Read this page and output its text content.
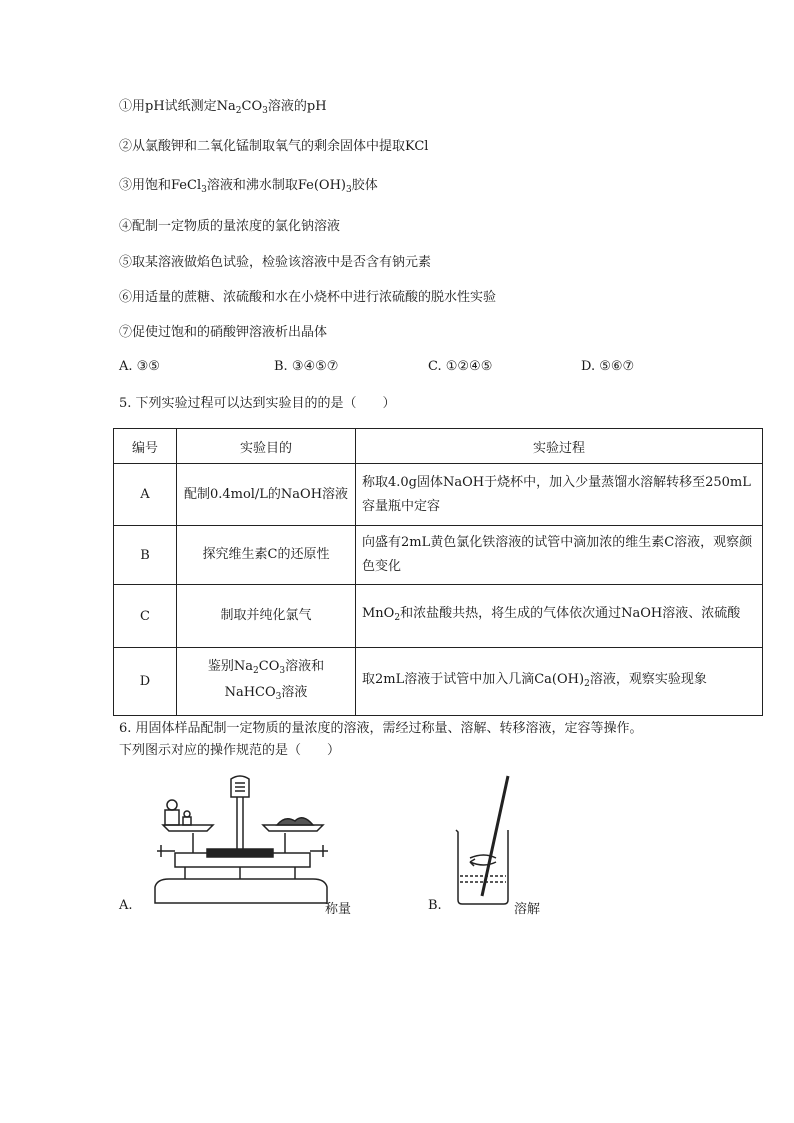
①用pH试纸测定$Na_2CO_3$溶液的pH
②从氯酸钾和二氧化锰制取氧气的剩余固体中提取KCl
③用饱和FeCl$_3$溶液和沸水制取$Fe(OH)_3$胶体
④配制一定物质的量浓度的氯化钠溶液
⑤取某溶液做焰色试验，检验该溶液中是否含有钠元素
⑥用适量的蔗糖、浓硫酸和水在小烧杯中进行浓硫酸的脱水性实验
⑦促使过饱和的硝酸钾溶液析出晶体
A. ③⑤	B. ③④⑤⑦	C. ①②④⑤	D. ⑤⑥⑦
5. 下列实验过程可以达到实验目的的是（　　）
编号	实验目的	实验过程
A	配制0.4mol/L的NaOH溶液	称取4.0g固体NaOH于烧杯中，加入少量蒸馏水溶解转移至250mL容量瓶中定容
B	探究维生素C的还原性	向盛有2mL黄色氯化铁溶液的试管中滴加浓的维生素C溶液，观察颜色变化
C	制取并纯化氯气	MnO$_2$和浓盐酸共热，将生成的气体依次通过NaOH溶液、浓硫酸
D	鉴别$Na_2CO_3$溶液和NaHCO$_3$溶液	取2mL溶液于试管中加入几滴$Ca(OH)_2$溶液，观察实验现象
6. 用固体样品配制一定物质的量浓度的溶液，需经过称量、溶解、转移溶液，定容等操作。
下列图示对应的操作规范的是（　　）
A.	称量	B.	溶解
